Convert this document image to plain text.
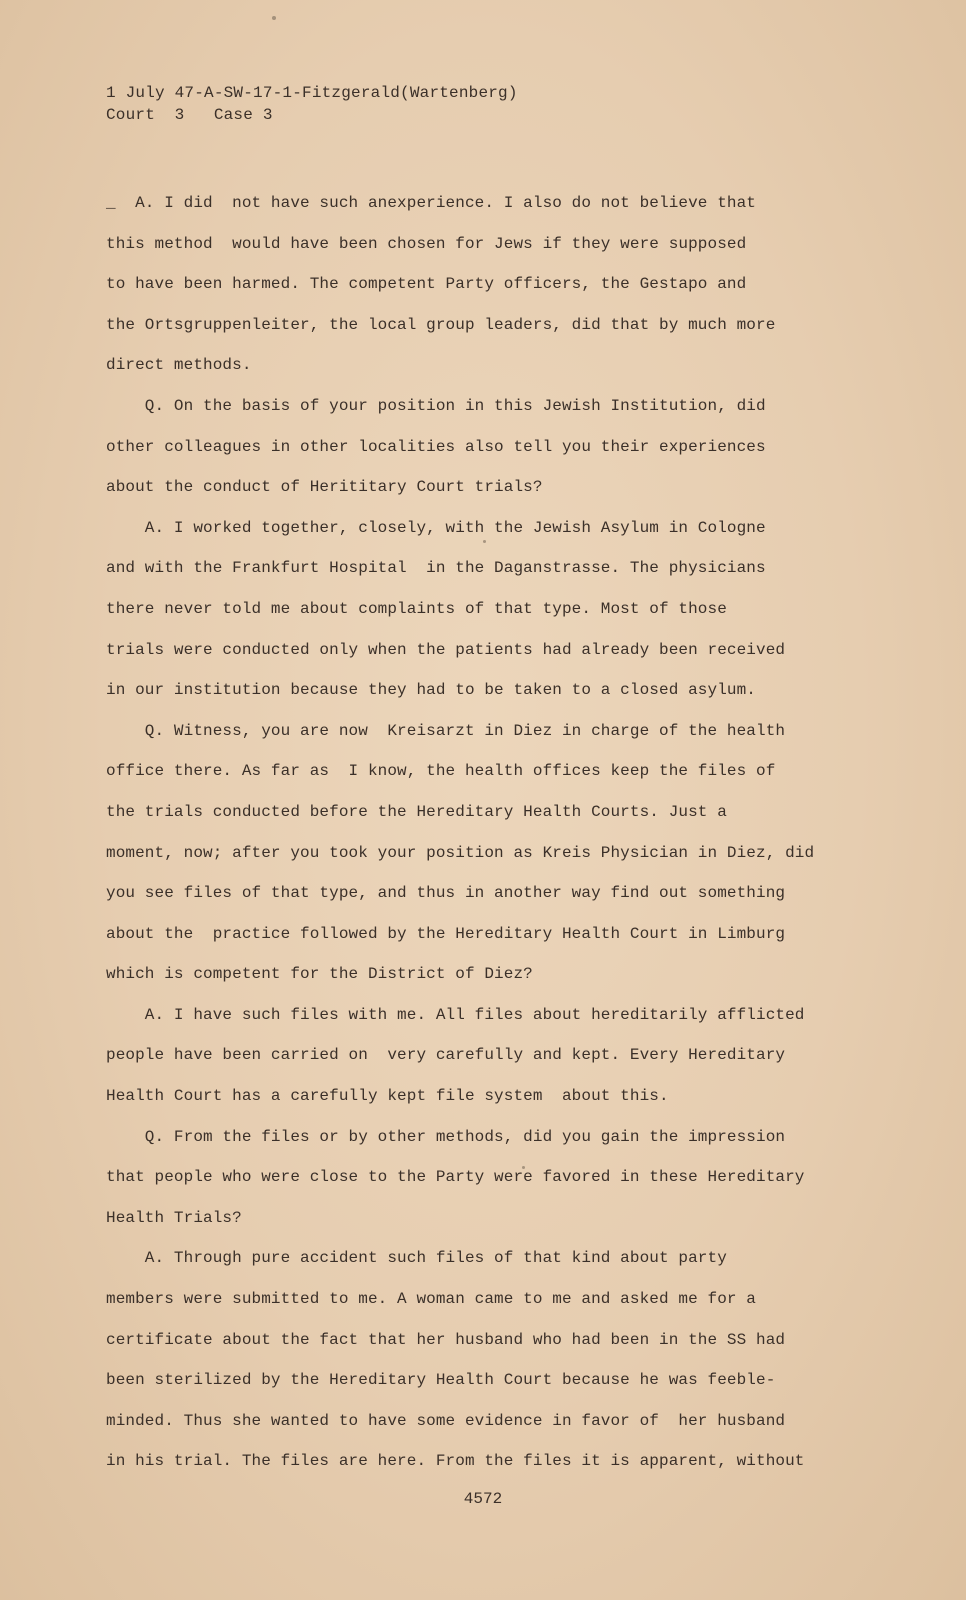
1 July 47-A-SW-17-1-Fitzgerald(Wartenberg)
Court  3   Case 3
_  A. I did  not have such anexperience. I also do not believe that
this method  would have been chosen for Jews if they were supposed
to have been harmed. The competent Party officers, the Gestapo and
the Ortsgruppenleiter, the local group leaders, did that by much more
direct methods.
Q. On the basis of your position in this Jewish Institution, did
other colleagues in other localities also tell you their experiences
about the conduct of Herititary Court trials?
A. I worked together, closely, with the Jewish Asylum in Cologne
and with the Frankfurt Hospital  in the Daganstrasse. The physicians
there never told me about complaints of that type. Most of those
trials were conducted only when the patients had already been received
in our institution because they had to be taken to a closed asylum.
Q. Witness, you are now  Kreisarzt in Diez in charge of the health
office there. As far as  I know, the health offices keep the files of
the trials conducted before the Hereditary Health Courts. Just a
moment, now; after you took your position as Kreis Physician in Diez, did
you see files of that type, and thus in another way find out something
about the  practice followed by the Hereditary Health Court in Limburg
which is competent for the District of Diez?
A. I have such files with me. All files about hereditarily afflicted
people have been carried on  very carefully and kept. Every Hereditary
Health Court has a carefully kept file system  about this.
Q. From the files or by other methods, did you gain the impression
that people who were close to the Party were favored in these Hereditary
Health Trials?
A. Through pure accident such files of that kind about party
members were submitted to me. A woman came to me and asked me for a
certificate about the fact that her husband who had been in the SS had
been sterilized by the Hereditary Health Court because he was feeble-
minded. Thus she wanted to have some evidence in favor of  her husband
in his trial. The files are here. From the files it is apparent, without
4572
